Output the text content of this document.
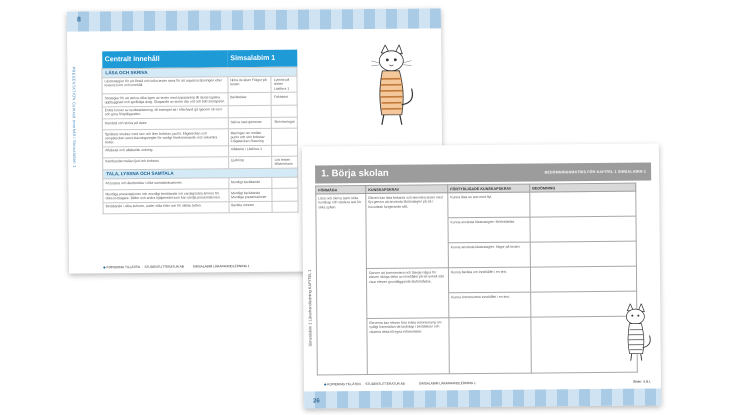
8
PRESENTATION Centralt innehåll i Simsalabim 1
Centralt innehåll	Simsalabim 1	
LÄSA OCH SKRIVA		
Lässtrategier för att förstå och tolka texter samt för att anpassa läsningen efter textens form och innehåll.	Hinta du läser Frågor på texten	Lyssna på texten Läsförra 1
Strategier för att skriva olika typer av texter med anpassning till deras typiska uppbyggnad och språkliga drag. Skapande av texter där ord och bild samspelar.	Berättelser	Faktatext
Enkla former av textbearbetning, till exempel att i efterhand gå igenom sin text och göra förtydliganden.		
Handstil och skriva på dator.	Skriva med gemener	Skrivövningar
Språkets struktur med stor och liten bokstav, punkt, frågetecken och utropstecken samt stavningsregler för vanligt förekommande ord i elevnära texter.	Meningar om mellan punkt och stor bokstav Frågetecken Stavning	
Alfabetet och alfabetisk ordning.	Alfabetet i Läsförra 1	
Sambandet mellan ljud och bokstav.	Ljudning	Lös texten tillsammans
TALA, LYSSNA OCH SAMTALA		
Att lyssna och återberätta i olika samtalssituationer.	Muntligt berättande	
Muntliga presentationer och muntligt berättande om vardagsnära ämnen för olika mottagare. Bilder och andra hjälpmedel som kan stödja presentationen.	Muntligt berättande Muntliga presentationer	
Berättande i olika kulturer, under olika tider och för skilda syften.	Berätta minnen	
◆ KOPIERING TILLÅTEN  ·  STUDENTLITTERATUR AB	SIMSALABIM LÄRARHANDLEDNING 1
Simsalabim 1 Lärarhandledning KAPITEL 1
1. Börja skolan	BEDÖMNINGSMATRIS FÖR KAPITEL 1 SIMSALABIM 1
FÖRMÅGA	KUNSKAPSKRAV	FÖRTYDLIGADE KUNSKAPSKRAV	BEDÖMNING
Läsa och skriva samt söka kunskap och värdera text för olika syften.	Eleven kan läsa bekanta och elevnära texter med flyt genom att använda lässtrategier på ett i huvudsak fungerande sätt.	Kunna läsa en text med flyt.	
		Kunna använda lässtrategier: förförståelse.	
		Kunna använda lässtrategier: frågor på texten.	
	Genom att kommentera och återge några för eleven viktiga delar av innehållet på ett enkelt sätt visar eleven grundläggande läsförståelse.	Kunna berätta om innehållet i en text.	
		Kunna kommentera innehållet i en text.	
	Eleverna kan eleven föra enkla resonemang om tydligt framträdan-de budskap i berättelser och relatera detta till egna erfarenheter.		
◆ KOPIERING TILLÅTEN  ·  STUDENTLITTERATUR AB	SIMSALABIM LÄRARHANDLEDNING 1	Bilder: S.B.L
26
